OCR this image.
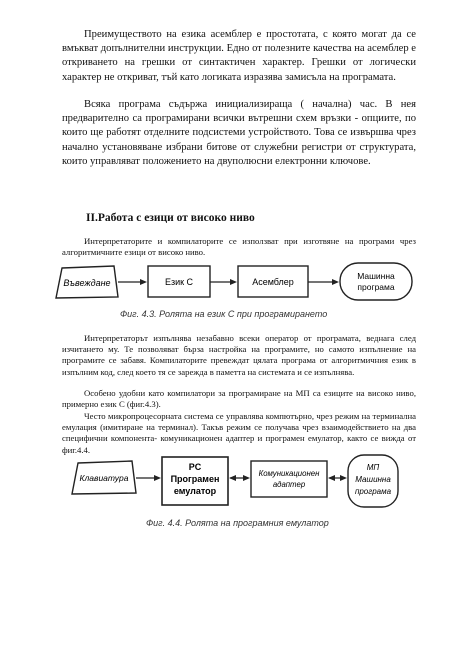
Преимуществото на езика асемблер е простотата, с която могат да се вмъкват допълнителни инструкции. Едно от полезните качества на асемблер е откриването на грешки от синтактичен характер. Грешки от логически характер не откриват, тъй като логиката изразява замисъла на програмата.

Всяка програма съдържа инициализираща ( начална) час. В нея предварително са програмирани всички вътрешни схем връзки - опциите, по които ще работят отделните подсистеми устройството. Това се извършва чрез начално установяване избрани битове от служебни регистри от структурата, които управляват положението на двуполюсни електронни ключове.

II.Работа с езици от високо ниво

Интерпретаторите и компилаторите се използват при изготвяне на програми чрез алгоритмичните езици от високо ниво.

Въвеждане	Език С	Асемблер
Машинна
програма

Фиг. 4.3. Ролята на език С при програмирането

Интерпретаторът изпълнява незабавно всеки оператор от програмата, веднага след изчитането му. Те позволяват бърза настройка на програмите, но самото изпълнение на програмите се забавя. Компилаторите превеждат цялата програма от алгоритмичния език в изпълним код, след което тя се зарежда в паметта на системата и се изпълнява.

Особено удобни като компилатори за програмиране на МП са езиците на високо ниво, примерно език С (фиг.4.3).

Често микропроцесорната система се управлява компютърно, чрез режим на терминална емулация (имитиране на терминал). Такъв режим се получава чрез взаимодействието на два специфични компонента- комуникационен адаптер и програмен емулатор, както се вижда от фиг.4.4.

Клавиатура
PC
Програмен
емулатор
Комуникационен
адаптер
МП
Машинна
програма

Фиг. 4.4. Ролята на програмния емулатор
